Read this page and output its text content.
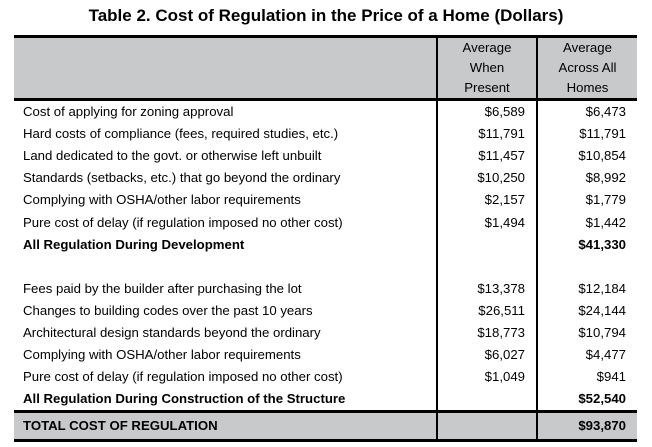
Table 2. Cost of Regulation in the Price of a Home (Dollars)

Average
When
Present

Average
Across All
Homes

Cost of applying for zoning approval	$6,589	$6,473
Hard costs of compliance (fees, required studies, etc.)	$11,791	$11,791
Land dedicated to the govt. or otherwise left unbuilt	$11,457	$10,854
Standards (setbacks, etc.) that go beyond the ordinary	$10,250	$8,992
Complying with OSHA/other labor requirements	$2,157	$1,779
Pure cost of delay (if regulation imposed no other cost)	$1,494	$1,442
All Regulation During Development		$41,330

Fees paid by the builder after purchasing the lot	$13,378	$12,184
Changes to building codes over the past 10 years	$26,511	$24,144
Architectural design standards beyond the ordinary	$18,773	$10,794
Complying with OSHA/other labor requirements	$6,027	$4,477
Pure cost of delay (if regulation imposed no other cost)	$1,049	$941
All Regulation During Construction of the Structure		$52,540
TOTAL COST OF REGULATION		$93,870
